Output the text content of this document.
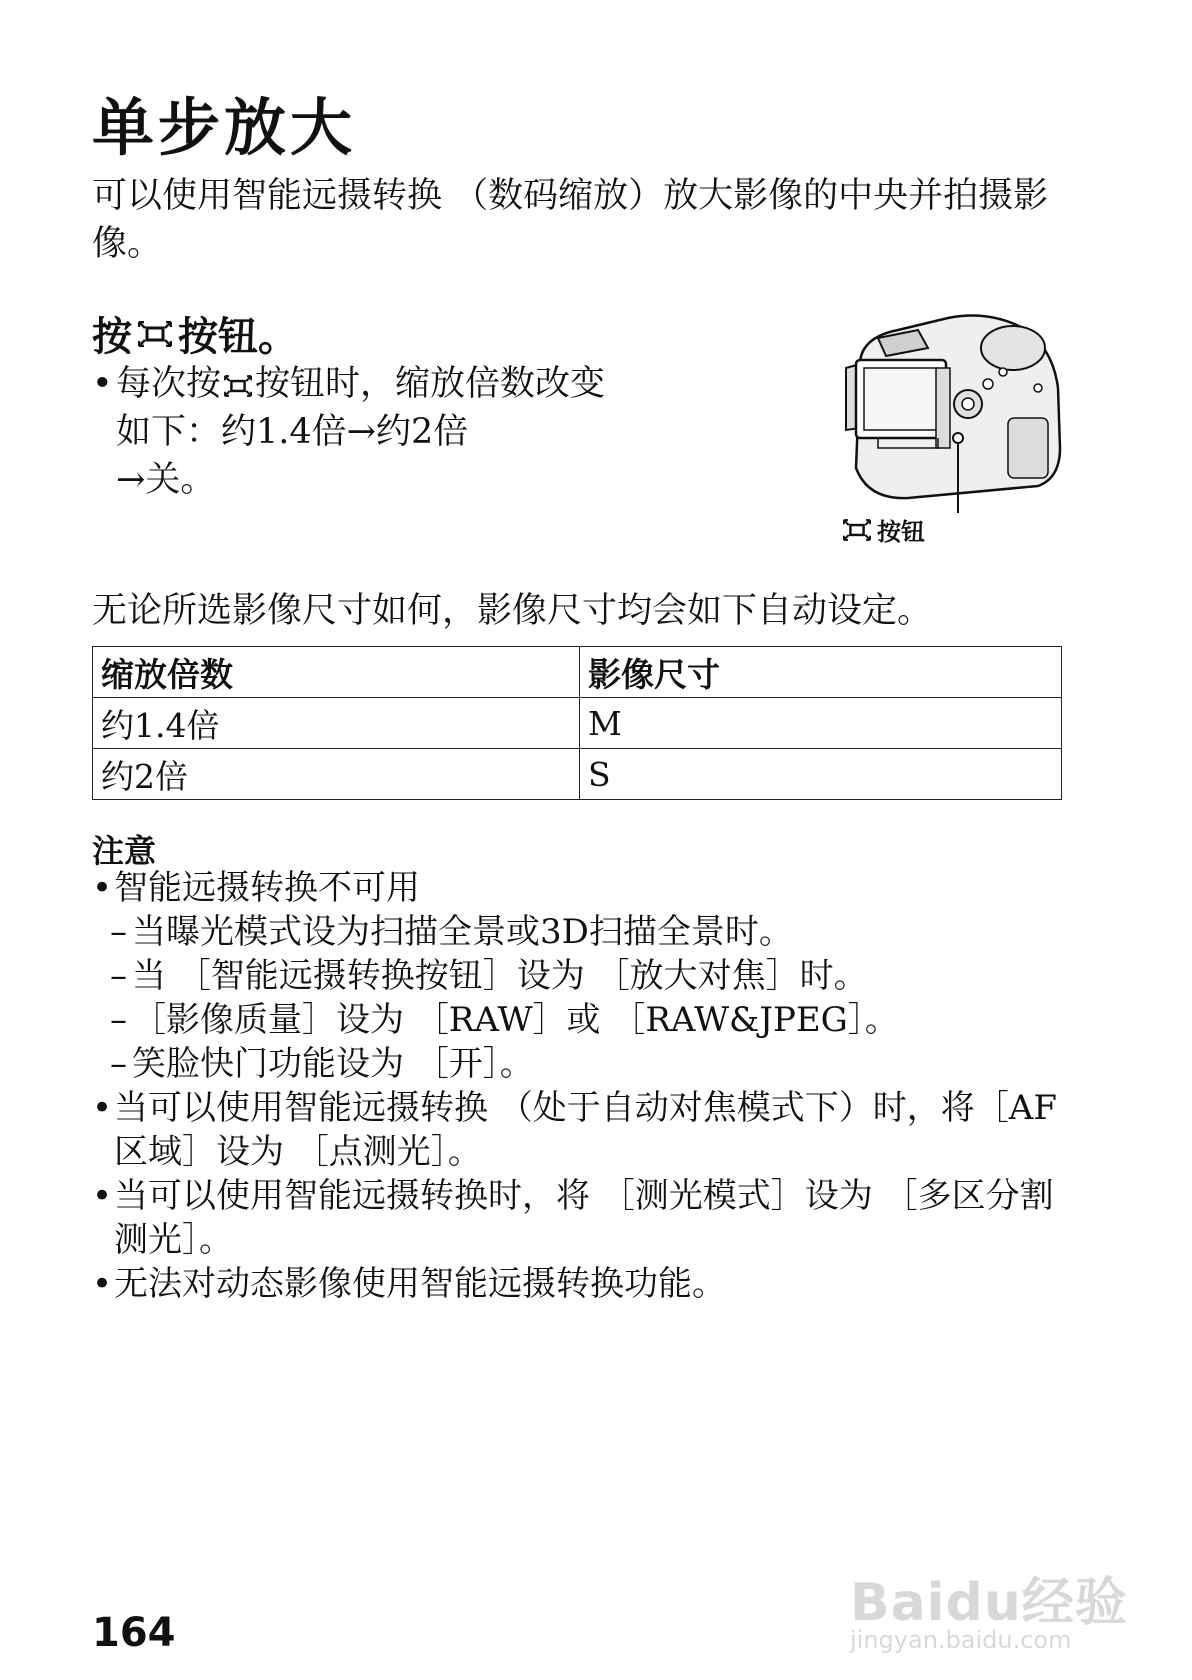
单步放大
可以使用智能远摄转换 （数码缩放）放大影像的中央并拍摄影像。
按 按钮。
• 每次按 按钮时，缩放倍数改变如下：约1.4倍→约2倍
→关。
按钮
无论所选影像尺寸如何，影像尺寸均会如下自动设定。
缩放倍数	影像尺寸
约1.4倍	M
约2倍	S
注意
• 智能远摄转换不可用
– 当曝光模式设为扫描全景或3D扫描全景时。
– 当 ［智能远摄转换按钮］设为 ［放大对焦］时。
– ［影像质量］设为 ［RAW］或 ［RAW&JPEG］。
– 笑脸快门功能设为 ［开］。
• 当可以使用智能远摄转换 （处于自动对焦模式下）时，将［AF区域］设为 ［点测光］。
• 当可以使用智能远摄转换时，将 ［测光模式］设为 ［多区分割测光］。
• 无法对动态影像使用智能远摄转换功能。
164	Baidu经验
jingyan.baidu.com
